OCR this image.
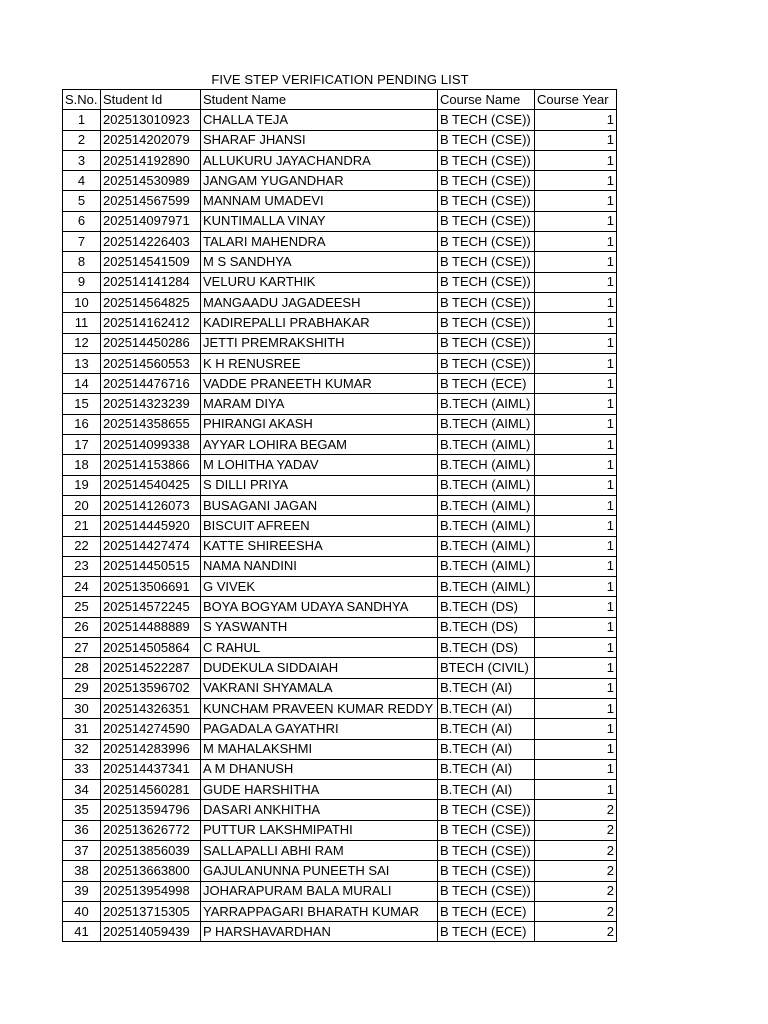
FIVE STEP VERIFICATION PENDING LIST
S.No.	Student Id	Student Name	Course Name	Course Year
1	202513010923	CHALLA TEJA	B TECH (CSE))	1
2	202514202079	SHARAF JHANSI	B TECH (CSE))	1
3	202514192890	ALLUKURU JAYACHANDRA	B TECH (CSE))	1
4	202514530989	JANGAM YUGANDHAR	B TECH (CSE))	1
5	202514567599	MANNAM UMADEVI	B TECH (CSE))	1
6	202514097971	KUNTIMALLA VINAY	B TECH (CSE))	1
7	202514226403	TALARI MAHENDRA	B TECH (CSE))	1
8	202514541509	M S SANDHYA	B TECH (CSE))	1
9	202514141284	VELURU KARTHIK	B TECH (CSE))	1
10	202514564825	MANGAADU JAGADEESH	B TECH (CSE))	1
11	202514162412	KADIREPALLI PRABHAKAR	B TECH (CSE))	1
12	202514450286	JETTI PREMRAKSHITH	B TECH (CSE))	1
13	202514560553	K H RENUSREE	B TECH (CSE))	1
14	202514476716	VADDE PRANEETH KUMAR	B TECH (ECE)	1
15	202514323239	MARAM DIYA	B.TECH (AIML)	1
16	202514358655	PHIRANGI AKASH	B.TECH (AIML)	1
17	202514099338	AYYAR LOHIRA BEGAM	B.TECH (AIML)	1
18	202514153866	M LOHITHA YADAV	B.TECH (AIML)	1
19	202514540425	S DILLI PRIYA	B.TECH (AIML)	1
20	202514126073	BUSAGANI JAGAN	B.TECH (AIML)	1
21	202514445920	BISCUIT AFREEN	B.TECH (AIML)	1
22	202514427474	KATTE SHIREESHA	B.TECH (AIML)	1
23	202514450515	NAMA NANDINI	B.TECH (AIML)	1
24	202513506691	G VIVEK	B.TECH (AIML)	1
25	202514572245	BOYA BOGYAM UDAYA SANDHYA	B.TECH (DS)	1
26	202514488889	S YASWANTH	B.TECH (DS)	1
27	202514505864	C RAHUL	B.TECH (DS)	1
28	202514522287	DUDEKULA SIDDAIAH	BTECH (CIVIL)	1
29	202513596702	VAKRANI SHYAMALA	B.TECH (AI)	1
30	202514326351	KUNCHAM PRAVEEN KUMAR REDDY	B.TECH (AI)	1
31	202514274590	PAGADALA GAYATHRI	B.TECH (AI)	1
32	202514283996	M MAHALAKSHMI	B.TECH (AI)	1
33	202514437341	A M DHANUSH	B.TECH (AI)	1
34	202514560281	GUDE HARSHITHA	B.TECH (AI)	1
35	202513594796	DASARI ANKHITHA	B TECH (CSE))	2
36	202513626772	PUTTUR LAKSHMIPATHI	B TECH (CSE))	2
37	202513856039	SALLAPALLI ABHI RAM	B TECH (CSE))	2
38	202513663800	GAJULANUNNA PUNEETH SAI	B TECH (CSE))	2
39	202513954998	JOHARAPURAM BALA MURALI	B TECH (CSE))	2
40	202513715305	YARRAPPAGARI BHARATH KUMAR	B TECH (ECE)	2
41	202514059439	P HARSHAVARDHAN	B TECH (ECE)	2
